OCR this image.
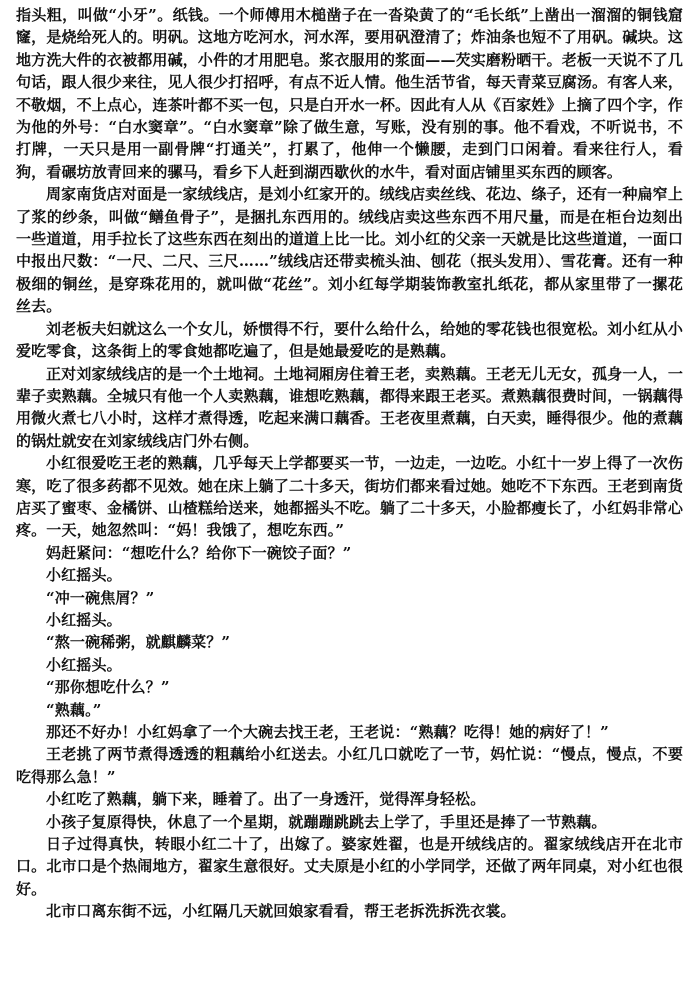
指头粗，叫做“小牙”。纸钱。一个师傅用木槌凿子在一沓染黄了的“毛长纸”上凿出一溜溜的铜钱窟窿，是烧给死人的。明矾。这地方吃河水，河水浑，要用矾澄清了；炸油条也短不了用矾。碱块。这地方洗大件的衣被都用碱，小件的才用肥皂。浆衣服用的浆面——芡实磨粉晒干。老板一天说不了几句话，跟人很少来往，见人很少打招呼，有点不近人情。他生活节省，每天青菜豆腐汤。有客人来，不敬烟，不上点心，连茶叶都不买一包，只是白开水一杯。因此有人从《百家姓》上摘了四个字，作为他的外号：“白水窦章”。“白水窦章”除了做生意，写账，没有别的事。他不看戏，不听说书，不打牌，一天只是用一副骨牌“打通关”，打累了，他伸一个懒腰，走到门口闲着。看来往行人，看狗，看碾坊放青回来的骡马，看乡下人赶到湖西歇伙的水牛，看对面店铺里买东西的顾客。

周家南货店对面是一家绒线店，是刘小红家开的。绒线店卖丝线、花边、绦子，还有一种扁窄上了浆的纱条，叫做“鳝鱼骨子”，是捆扎东西用的。绒线店卖这些东西不用尺量，而是在柜台边刻出一些道道，用手拉长了这些东西在刻出的道道上比一比。刘小红的父亲一天就是比这些道道，一面口中报出尺数：“一尺、二尺、三尺……”绒线店还带卖梳头油、刨花（抿头发用）、雪花膏。还有一种极细的铜丝，是穿珠花用的，就叫做“花丝”。刘小红每学期装饰教室扎纸花，都从家里带了一摞花丝去。

刘老板夫妇就这么一个女儿，娇惯得不行，要什么给什么，给她的零花钱也很宽松。刘小红从小爱吃零食，这条街上的零食她都吃遍了，但是她最爱吃的是熟藕。

正对刘家绒线店的是一个土地祠。土地祠厢房住着王老，卖熟藕。王老无儿无女，孤身一人，一辈子卖熟藕。全城只有他一个人卖熟藕，谁想吃熟藕，都得来跟王老买。煮熟藕很费时间，一锅藕得用微火煮七八小时，这样才煮得透，吃起来满口藕香。王老夜里煮藕，白天卖，睡得很少。他的煮藕的锅灶就安在刘家绒线店门外右侧。

小红很爱吃王老的熟藕，几乎每天上学都要买一节，一边走，一边吃。小红十一岁上得了一次伤寒，吃了很多药都不见效。她在床上躺了二十多天，街坊们都来看过她。她吃不下东西。王老到南货店买了蜜枣、金橘饼、山楂糕给送来，她都摇头不吃。躺了二十多天，小脸都瘦长了，小红妈非常心疼。一天，她忽然叫：“妈！我饿了，想吃东西。”

妈赶紧问：“想吃什么？给你下一碗饺子面？”

小红摇头。

“冲一碗焦屑？”

小红摇头。

“熬一碗稀粥，就麒麟菜？”

小红摇头。

“那你想吃什么？”

“熟藕。”

那还不好办！小红妈拿了一个大碗去找王老，王老说：“熟藕？吃得！她的病好了！”

王老挑了两节煮得透透的粗藕给小红送去。小红几口就吃了一节，妈忙说：“慢点，慢点，不要吃得那么急！”

小红吃了熟藕，躺下来，睡着了。出了一身透汗，觉得浑身轻松。

小孩子复原得快，休息了一个星期，就蹦蹦跳跳去上学了，手里还是捧了一节熟藕。

日子过得真快，转眼小红二十了，出嫁了。婆家姓翟，也是开绒线店的。翟家绒线店开在北市口。北市口是个热闹地方，翟家生意很好。丈夫原是小红的小学同学，还做了两年同桌，对小红也很好。

北市口离东街不远，小红隔几天就回娘家看看，帮王老拆洗拆洗衣裳。
